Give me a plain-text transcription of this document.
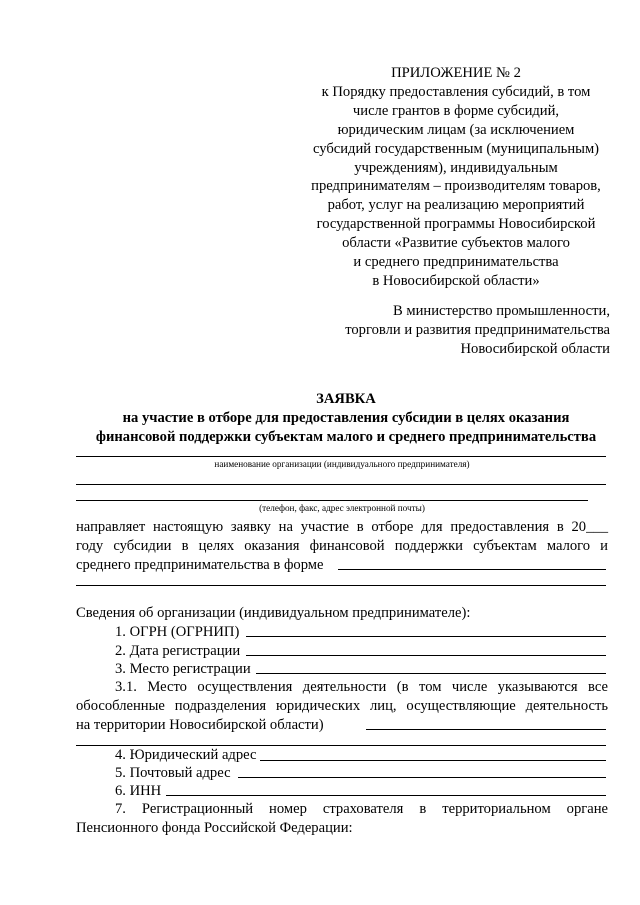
ПРИЛОЖЕНИЕ № 2
к Порядку предоставления субсидий, в том
числе грантов в форме субсидий,
юридическим лицам (за исключением
субсидий государственным (муниципальным)
учреждениям), индивидуальным
предпринимателям – производителям товаров,
работ, услуг на реализацию мероприятий
государственной программы Новосибирской
области «Развитие субъектов малого
и среднего предпринимательства
в Новосибирской области»
В министерство промышленности,
торговли и развития предпринимательства
Новосибирской области
ЗАЯВКА
на участие в отборе для предоставления субсидии в целях оказания
финансовой поддержки субъектам малого и среднего предпринимательства
наименование организации (индивидуального предпринимателя)
(телефон, факс, адрес электронной почты)
направляет настоящую заявку на участие в отборе для предоставления в 20___
году субсидии в целях оказания финансовой поддержки субъектам малого и
среднего предпринимательства в форме
Сведения об организации (индивидуальном предпринимателе):
1. ОГРН (ОГРНИП)
2. Дата регистрации
3. Место регистрации
3.1. Место осуществления деятельности (в том числе указываются все
обособленные подразделения юридических лиц, осуществляющие деятельность
на территории Новосибирской области)
4. Юридический адрес
5. Почтовый адрес
6. ИНН
7. Регистрационный номер страхователя в территориальном органе
Пенсионного фонда Российской Федерации:
